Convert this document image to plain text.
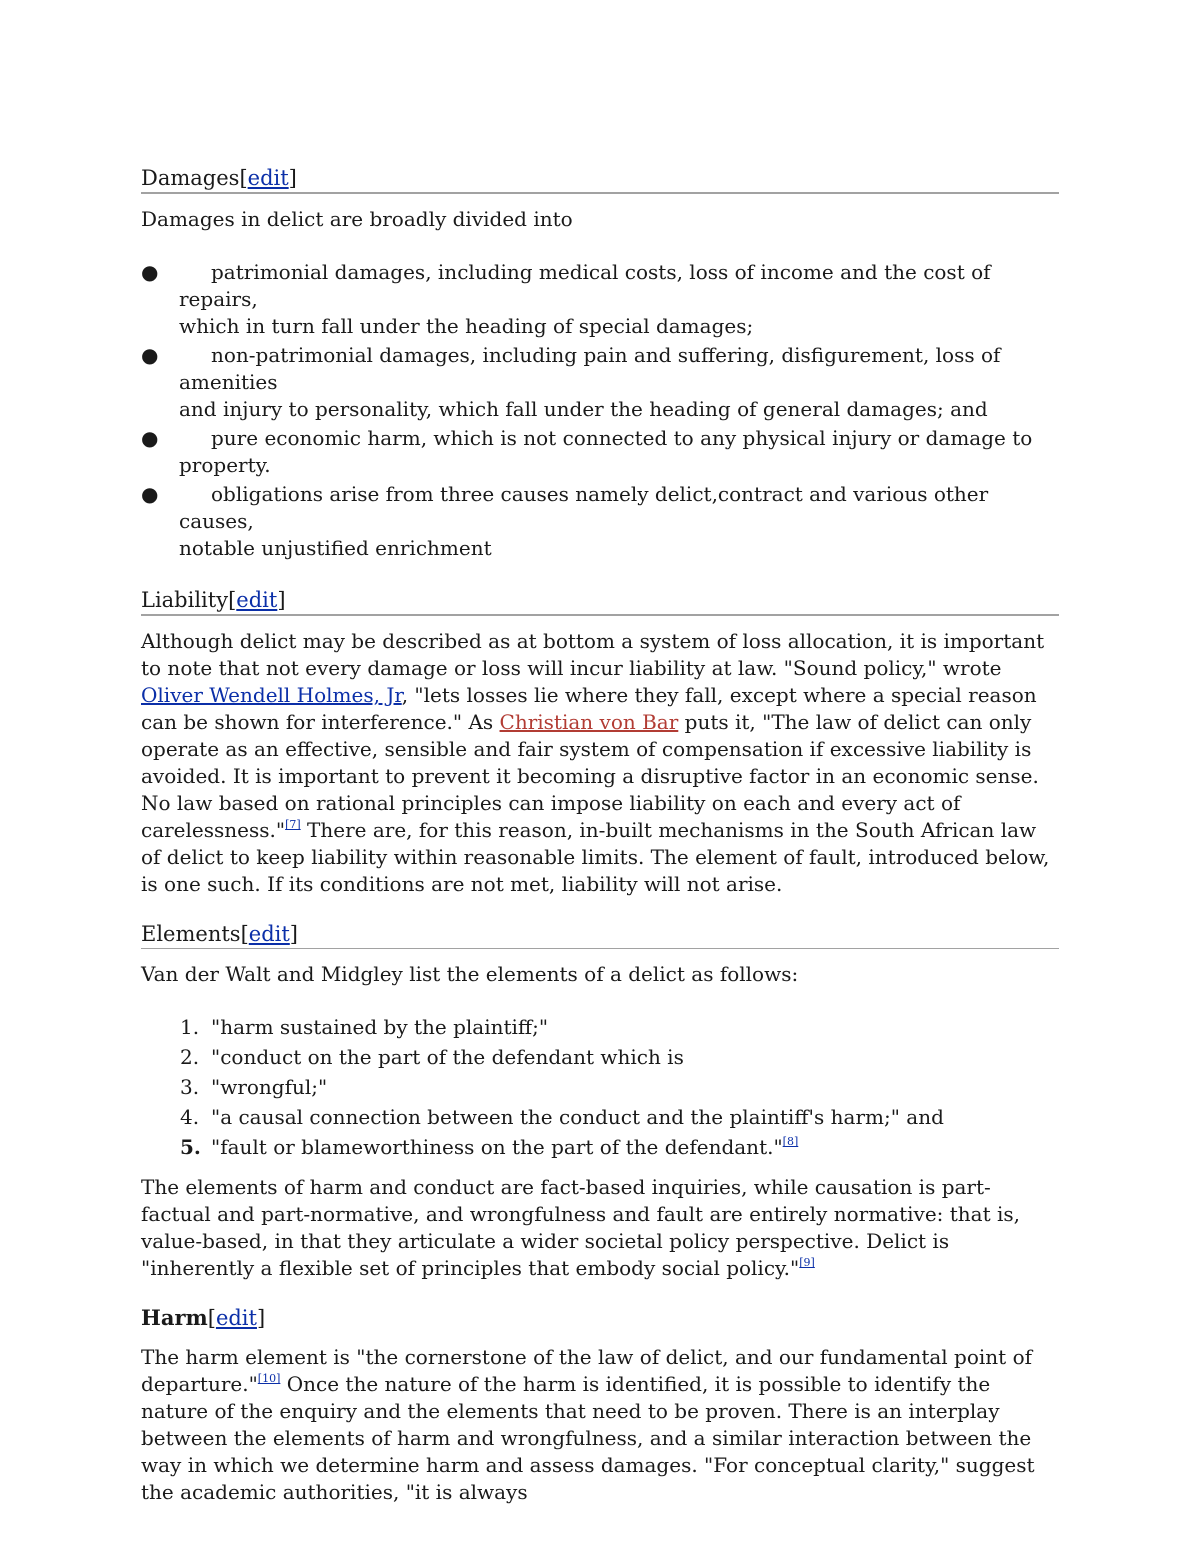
Damages[edit]

Damages in delict are broadly divided into

●	patrimonial damages, including medical costs, loss of income and the cost of repairs,
which in turn fall under the heading of special damages;
●	non-patrimonial damages, including pain and suffering, disfigurement, loss of amenities
and injury to personality, which fall under the heading of general damages; and
●	pure economic harm, which is not connected to any physical injury or damage to
property.
●	obligations arise from three causes namely delict,contract and various other causes,
notable unjustified enrichment
Liability[edit]

Although delict may be described as at bottom a system of loss allocation, it is important to note that not every damage or loss will incur liability at law. "Sound policy," wrote Oliver Wendell Holmes, Jr, "lets losses lie where they fall, except where a special reason can be shown for interference." As Christian von Bar puts it, "The law of delict can only operate as an effective, sensible and fair system of compensation if excessive liability is avoided. It is important to prevent it becoming a disruptive factor in an economic sense. No law based on rational principles can impose liability on each and every act of carelessness."[7] There are, for this reason, in-built mechanisms in the South African law of delict to keep liability within reasonable limits. The element of fault, introduced below, is one such. If its conditions are not met, liability will not arise.

Elements[edit]

Van der Walt and Midgley list the elements of a delict as follows:

1. "harm sustained by the plaintiff;"
2. "conduct on the part of the defendant which is
3. "wrongful;"
4. "a causal connection between the conduct and the plaintiff's harm;" and
5. "fault or blameworthiness on the part of the defendant."[8]

The elements of harm and conduct are fact-based inquiries, while causation is part-factual and part-normative, and wrongfulness and fault are entirely normative: that is, value-based, in that they articulate a wider societal policy perspective. Delict is "inherently a flexible set of principles that embody social policy."[9]

Harm[edit]

The harm element is "the cornerstone of the law of delict, and our fundamental point of departure."[10] Once the nature of the harm is identified, it is possible to identify the nature of the enquiry and the elements that need to be proven. There is an interplay between the elements of harm and wrongfulness, and a similar interaction between the way in which we determine harm and assess damages. "For conceptual clarity," suggest the academic authorities, "it is always
